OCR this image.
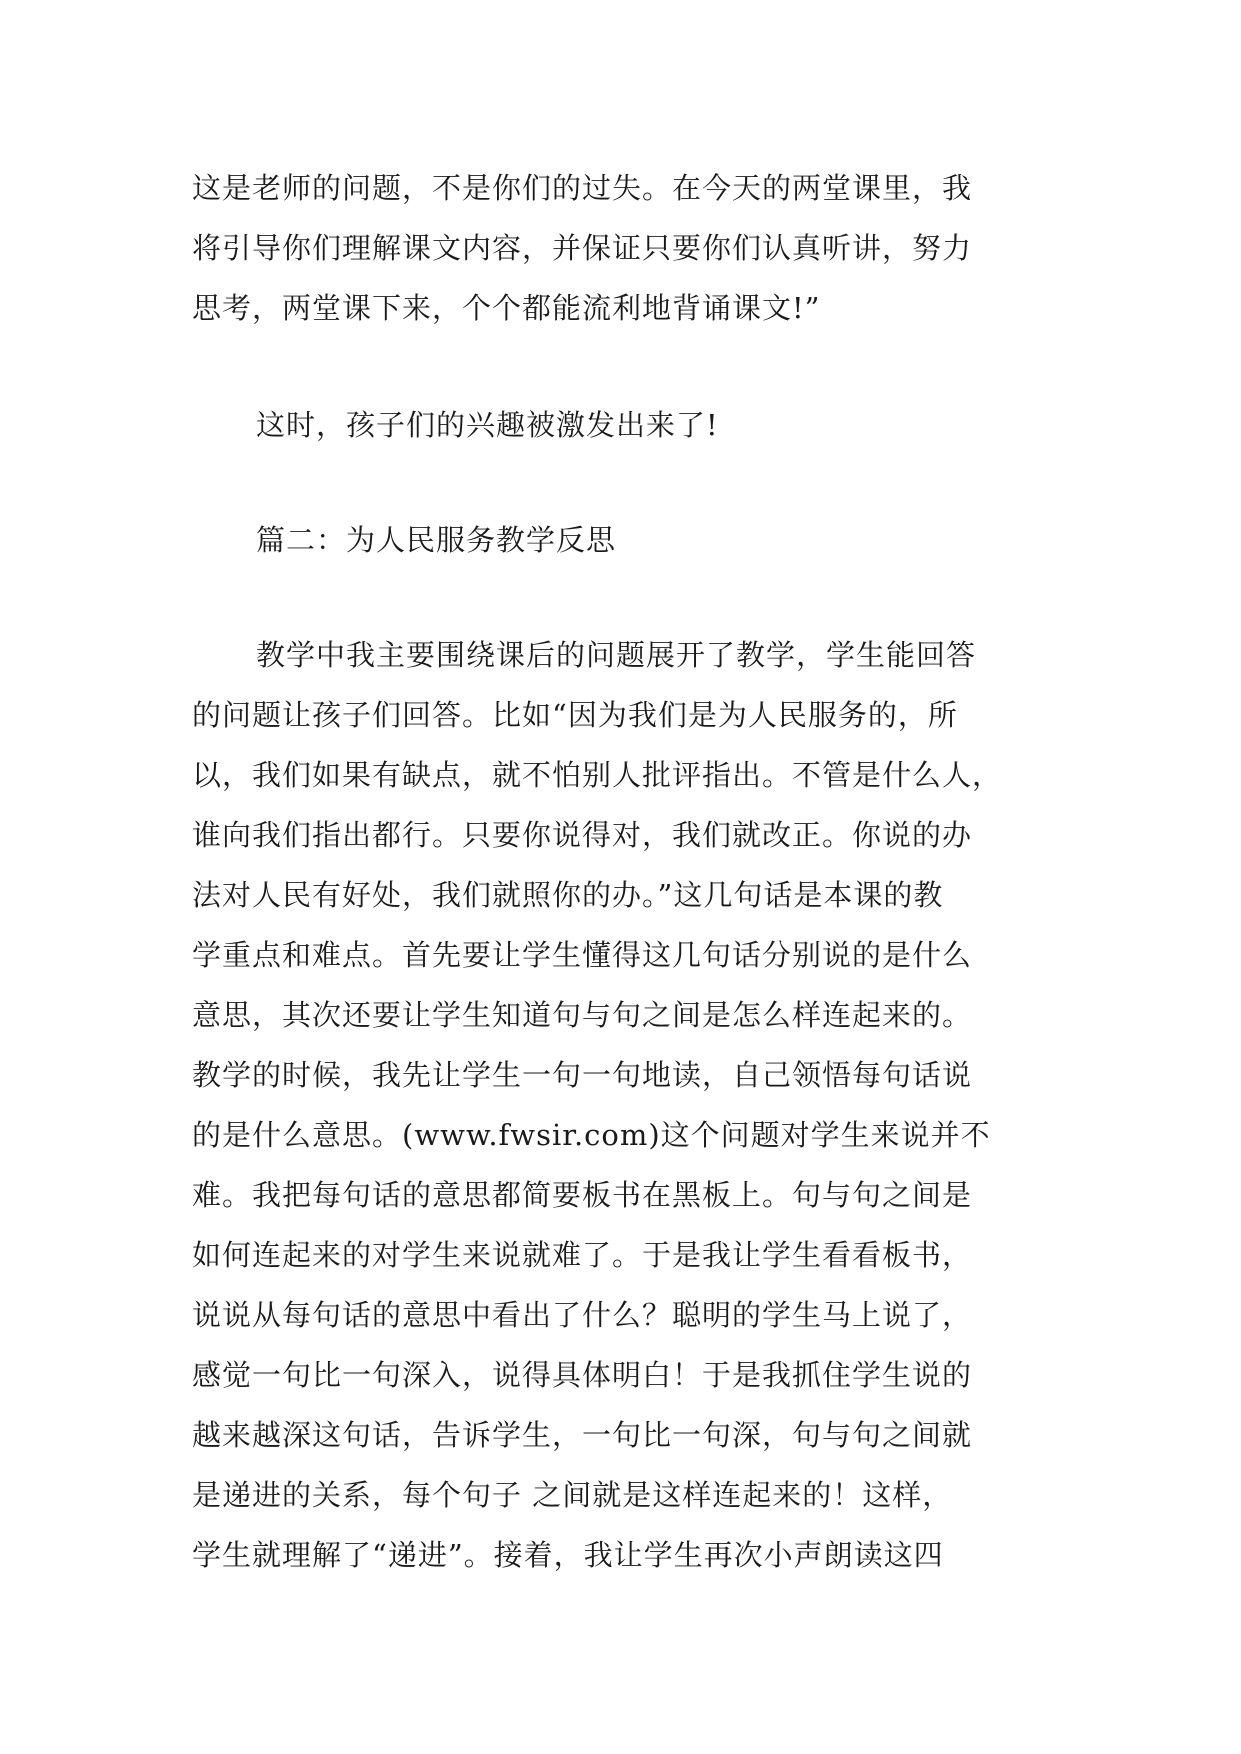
这是老师的问题，不是你们的过失。在今天的两堂课里，我
将引导你们理解课文内容，并保证只要你们认真听讲，努力
思考，两堂课下来，个个都能流利地背诵课文!”
这时，孩子们的兴趣被激发出来了!
篇二：为人民服务教学反思
教学中我主要围绕课后的问题展开了教学，学生能回答
的问题让孩子们回答。比如“因为我们是为人民服务的，所
以，我们如果有缺点，就不怕别人批评指出。不管是什么人，
谁向我们指出都行。只要你说得对，我们就改正。你说的办
法对人民有好处，我们就照你的办。”这几句话是本课的教
学重点和难点。首先要让学生懂得这几句话分别说的是什么
意思，其次还要让学生知道句与句之间是怎么样连起来的。
教学的时候，我先让学生一句一句地读，自己领悟每句话说
的是什么意思。(www.fwsir.com)这个问题对学生来说并不
难。我把每句话的意思都简要板书在黑板上。句与句之间是
如何连起来的对学生来说就难了。于是我让学生看看板书，
说说从每句话的意思中看出了什么？聪明的学生马上说了，
感觉一句比一句深入，说得具体明白！于是我抓住学生说的
越来越深这句话，告诉学生，一句比一句深，句与句之间就
是递进的关系，每个句子 之间就是这样连起来的！这样，
学生就理解了“递进”。接着，我让学生再次小声朗读这四
